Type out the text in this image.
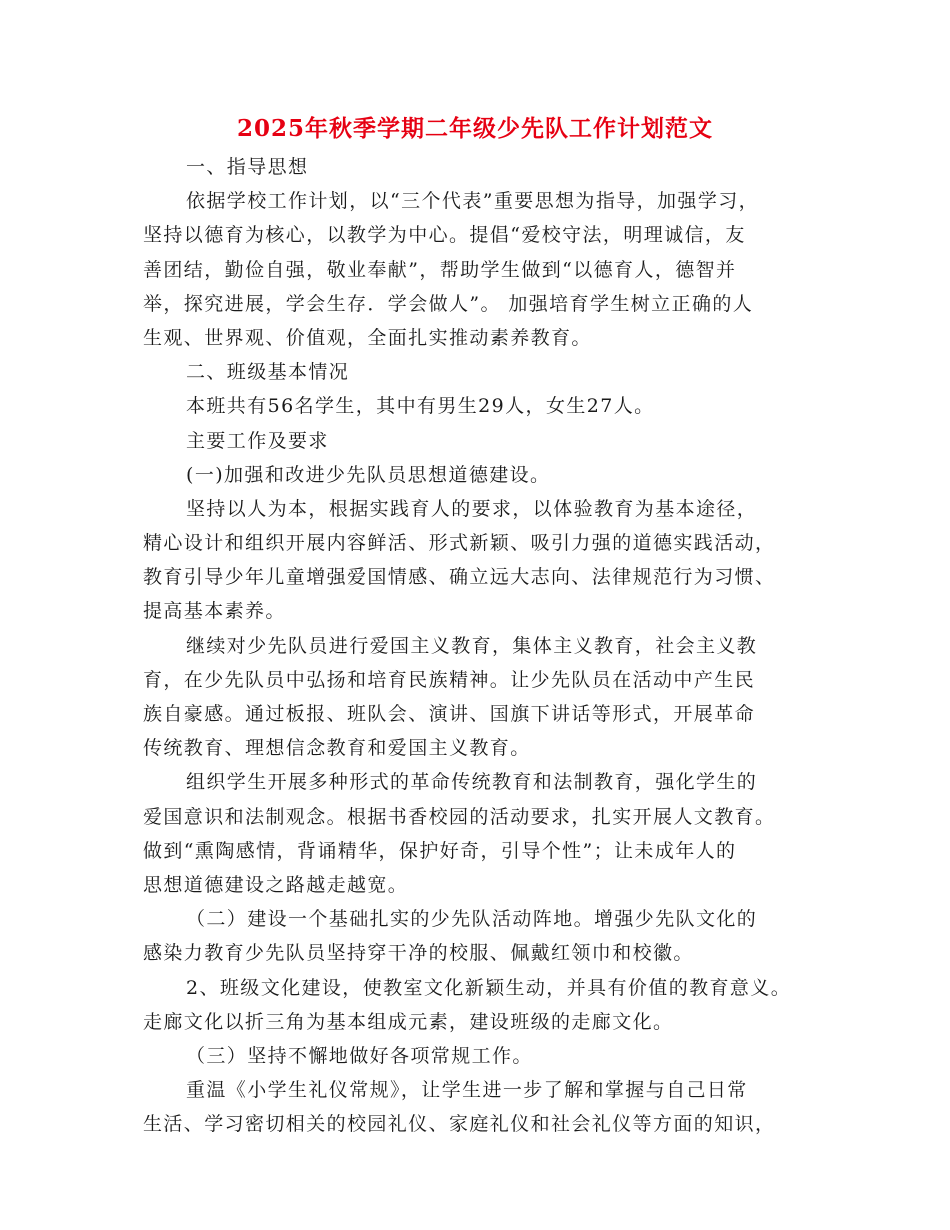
2025年秋季学期二年级少先队工作计划范文
一、指导思想
依据学校工作计划，以“三个代表”重要思想为指导，加强学习，
坚持以德育为核心，以教学为中心。提倡“爱校守法，明理诚信，友
善团结，勤俭自强，敬业奉献”，帮助学生做到“以德育人，德智并
举，探究进展，学会生存．学会做人”。 加强培育学生树立正确的人
生观、世界观、价值观，全面扎实推动素养教育。
二、班级基本情况
本班共有56名学生，其中有男生29人，女生27人。
主要工作及要求
(一)加强和改进少先队员思想道德建设。
坚持以人为本，根据实践育人的要求，以体验教育为基本途径，
精心设计和组织开展内容鲜活、形式新颖、吸引力强的道德实践活动，
教育引导少年儿童增强爱国情感、确立远大志向、法律规范行为习惯、
提高基本素养。
继续对少先队员进行爱国主义教育，集体主义教育，社会主义教
育，在少先队员中弘扬和培育民族精神。让少先队员在活动中产生民
族自豪感。通过板报、班队会、演讲、国旗下讲话等形式，开展革命
传统教育、理想信念教育和爱国主义教育。
组织学生开展多种形式的革命传统教育和法制教育，强化学生的
爱国意识和法制观念。根据书香校园的活动要求，扎实开展人文教育。
做到“熏陶感情，背诵精华，保护好奇，引导个性”；让未成年人的
思想道德建设之路越走越宽。
（二）建设一个基础扎实的少先队活动阵地。增强少先队文化的
感染力教育少先队员坚持穿干净的校服、佩戴红领巾和校徽。
2、班级文化建设，使教室文化新颖生动，并具有价值的教育意义。
走廊文化以折三角为基本组成元素，建设班级的走廊文化。
（三）坚持不懈地做好各项常规工作。
重温《小学生礼仪常规》，让学生进一步了解和掌握与自己日常
生活、学习密切相关的校园礼仪、家庭礼仪和社会礼仪等方面的知识，
